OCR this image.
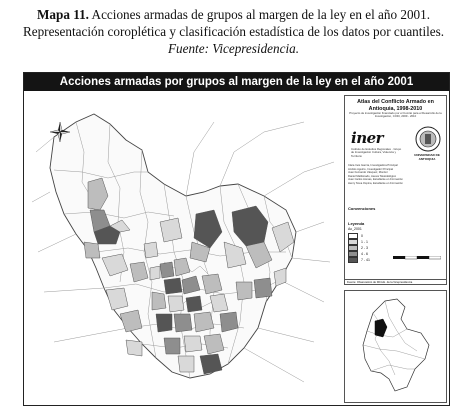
Mapa 11. Acciones armadas de grupos al margen de la ley en el año 2001.
Representación coroplética y clasificación estadística de los datos por cuantiles.
Fuente: Vicepresidencia.
Acciones armadas por grupos al margen de la ley en el año 2001
Atlas del Conflicto Armado en Antioquia, 1998-2010
Proyecto de investigación financiado por el Comité para el Desarrollo de la Investigación, CODI, 2009 - 2010
iner
Instituto de Estudios Regionales · Grupo de Investigación Cultura, Violencia y Territorio	UNIVERSIDAD DE ANTIOQUIA
Clara Inés García, Investigadora Principal
Andrés Aguirre, Investigador Principal
Juan Fernando Vásquez, Monitor
Daniel Maldonado, Asesor Metodológico
Juan Carlos Arenas, Estudiante en Formación
Henry Nova Ospina, Estudiante en Formación
Convenciones
Leyenda
Ac_2001
0
1 - 1
2 - 3
4 - 6
7 - 41
Fuente: Observatorio de DD.HH. de la Vicepresidencia
